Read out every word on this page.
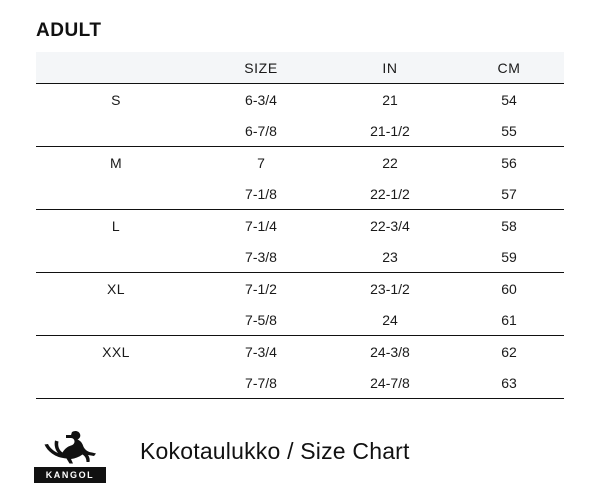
ADULT
	SIZE	IN	CM
S	6-3/4	21	54
	6-7/8	21-1/2	55
M	7	22	56
	7-1/8	22-1/2	57
L	7-1/4	22-3/4	58
	7-3/8	23	59
XL	7-1/2	23-1/2	60
	7-5/8	24	61
XXL	7-3/4	24-3/8	62
	7-7/8	24-7/8	63
KANGOL
Kokotaulukko / Size Chart
